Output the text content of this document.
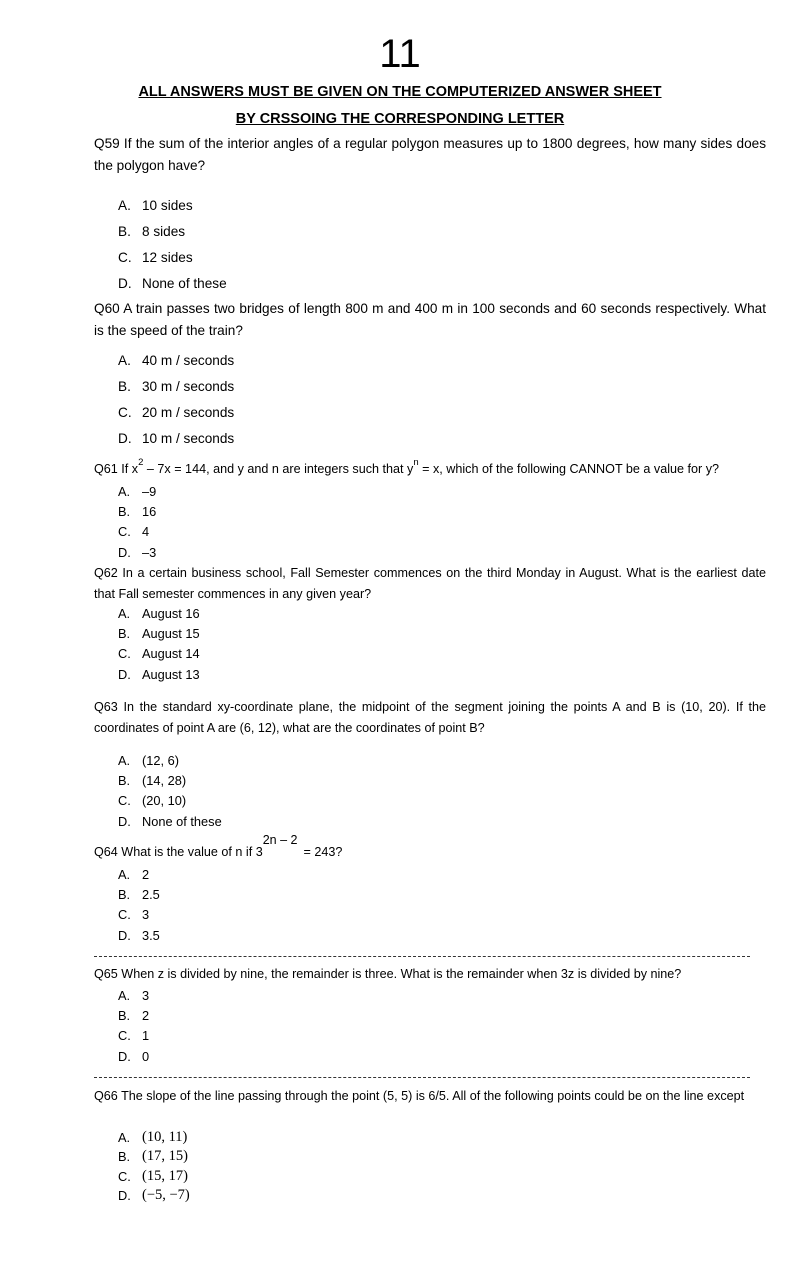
11
ALL ANSWERS MUST BE GIVEN ON THE COMPUTERIZED ANSWER SHEET
BY CRSSOING THE CORRESPONDING LETTER
Q59 If the sum of the interior angles of a regular polygon measures up to 1800 degrees, how many sides does the polygon have?
A. 10 sides
B. 8 sides
C. 12 sides
D. None of these
Q60 A train passes two bridges of length 800 m and 400 m in 100 seconds and 60 seconds respectively. What is the speed of the train?
A. 40 m / seconds
B. 30 m / seconds
C. 20 m / seconds
D. 10 m / seconds
Q61 If $x^2 - 7x = 144$, and y and n are integers such that $y^n = x$, which of the following CANNOT be a value for y?
A. –9
B. 16
C. 4
D. –3
Q62 In a certain business school, Fall Semester commences on the third Monday in August. What is the earliest date that Fall semester commences in any given year?
A. August 16
B. August 15
C. August 14
D. August 13
Q63 In the standard xy-coordinate plane, the midpoint of the segment joining the points A and B is (10, 20). If the coordinates of point A are (6, 12), what are the coordinates of point B?
A. (12, 6)
B. (14, 28)
C. (20, 10)
D. None of these
Q64 What is the value of n if 32n – 2= 243?
A. 2
B. 2.5
C. 3
D. 3.5
Q65 When z is divided by nine, the remainder is three. What is the remainder when 3z is divided by nine?
A. 3
B. 2
C. 1
D. 0
Q66 The slope of the line passing through the point (5, 5) is 6/5. All of the following points could be on the line except
A. (10, 11)
B. (17, 15)
C. (15, 17)
D. (−5, −7)
